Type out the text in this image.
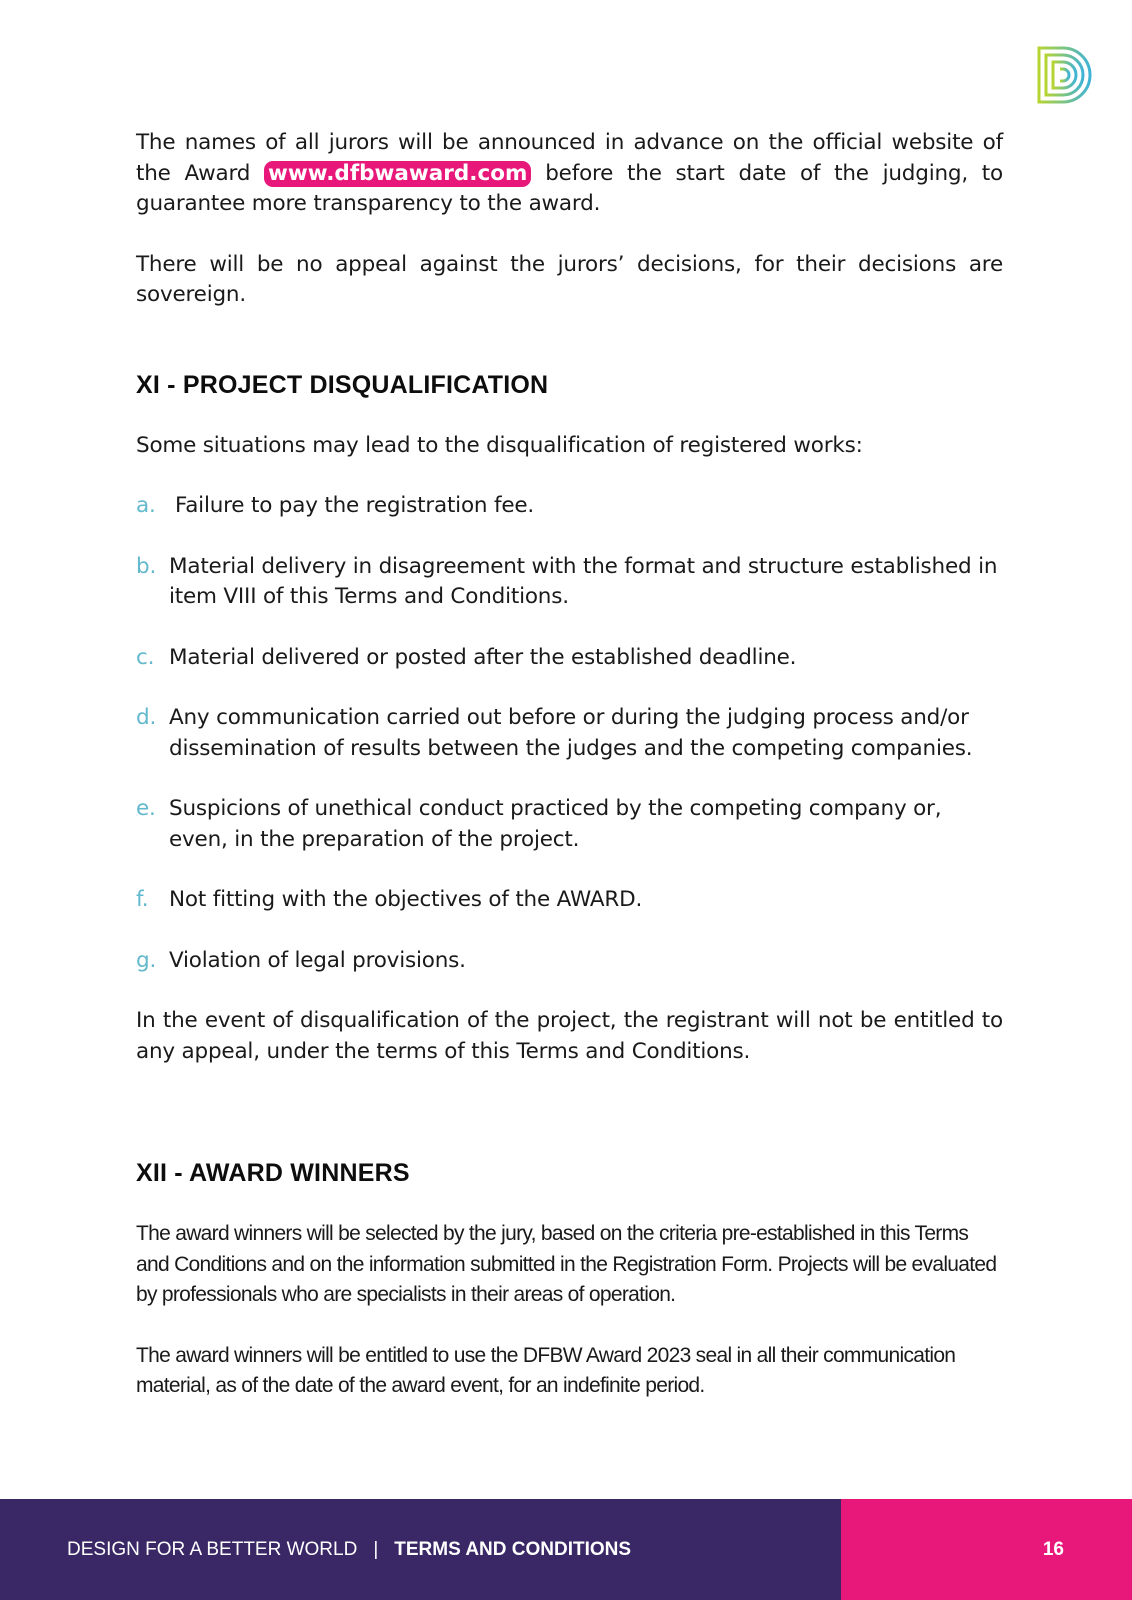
The names of all jurors will be announced in advance on the official website of the Award www.dfbwaward.com before the start date of the judging, to guarantee more transparency to the award.

There will be no appeal against the jurors’ decisions, for their decisions are sovereign.

XI - PROJECT DISQUALIFICATION

Some situations may lead to the disqualification of registered works:

a. Failure to pay the registration fee.
b. Material delivery in disagreement with the format and structure established in item VIII of this Terms and Conditions.
c. Material delivered or posted after the established deadline.
d. Any communication carried out before or during the judging process and/or dissemination of results between the judges and the competing companies.
e. Suspicions of unethical conduct practiced by the competing company or, even, in the preparation of the project.
f. Not fitting with the objectives of the AWARD.
g. Violation of legal provisions.

In the event of disqualification of the project, the registrant will not be entitled to any appeal, under the terms of this Terms and Conditions.

XII - AWARD WINNERS

The award winners will be selected by the jury, based on the criteria pre-established in this Terms and Conditions and on the information submitted in the Registration Form. Projects will be evaluated by professionals who are specialists in their areas of operation.

The award winners will be entitled to use the DFBW Award 2023 seal in all their communication material, as of the date of the award event, for an indefinite period.

DESIGN FOR A BETTER WORLD | TERMS AND CONDITIONS	16
